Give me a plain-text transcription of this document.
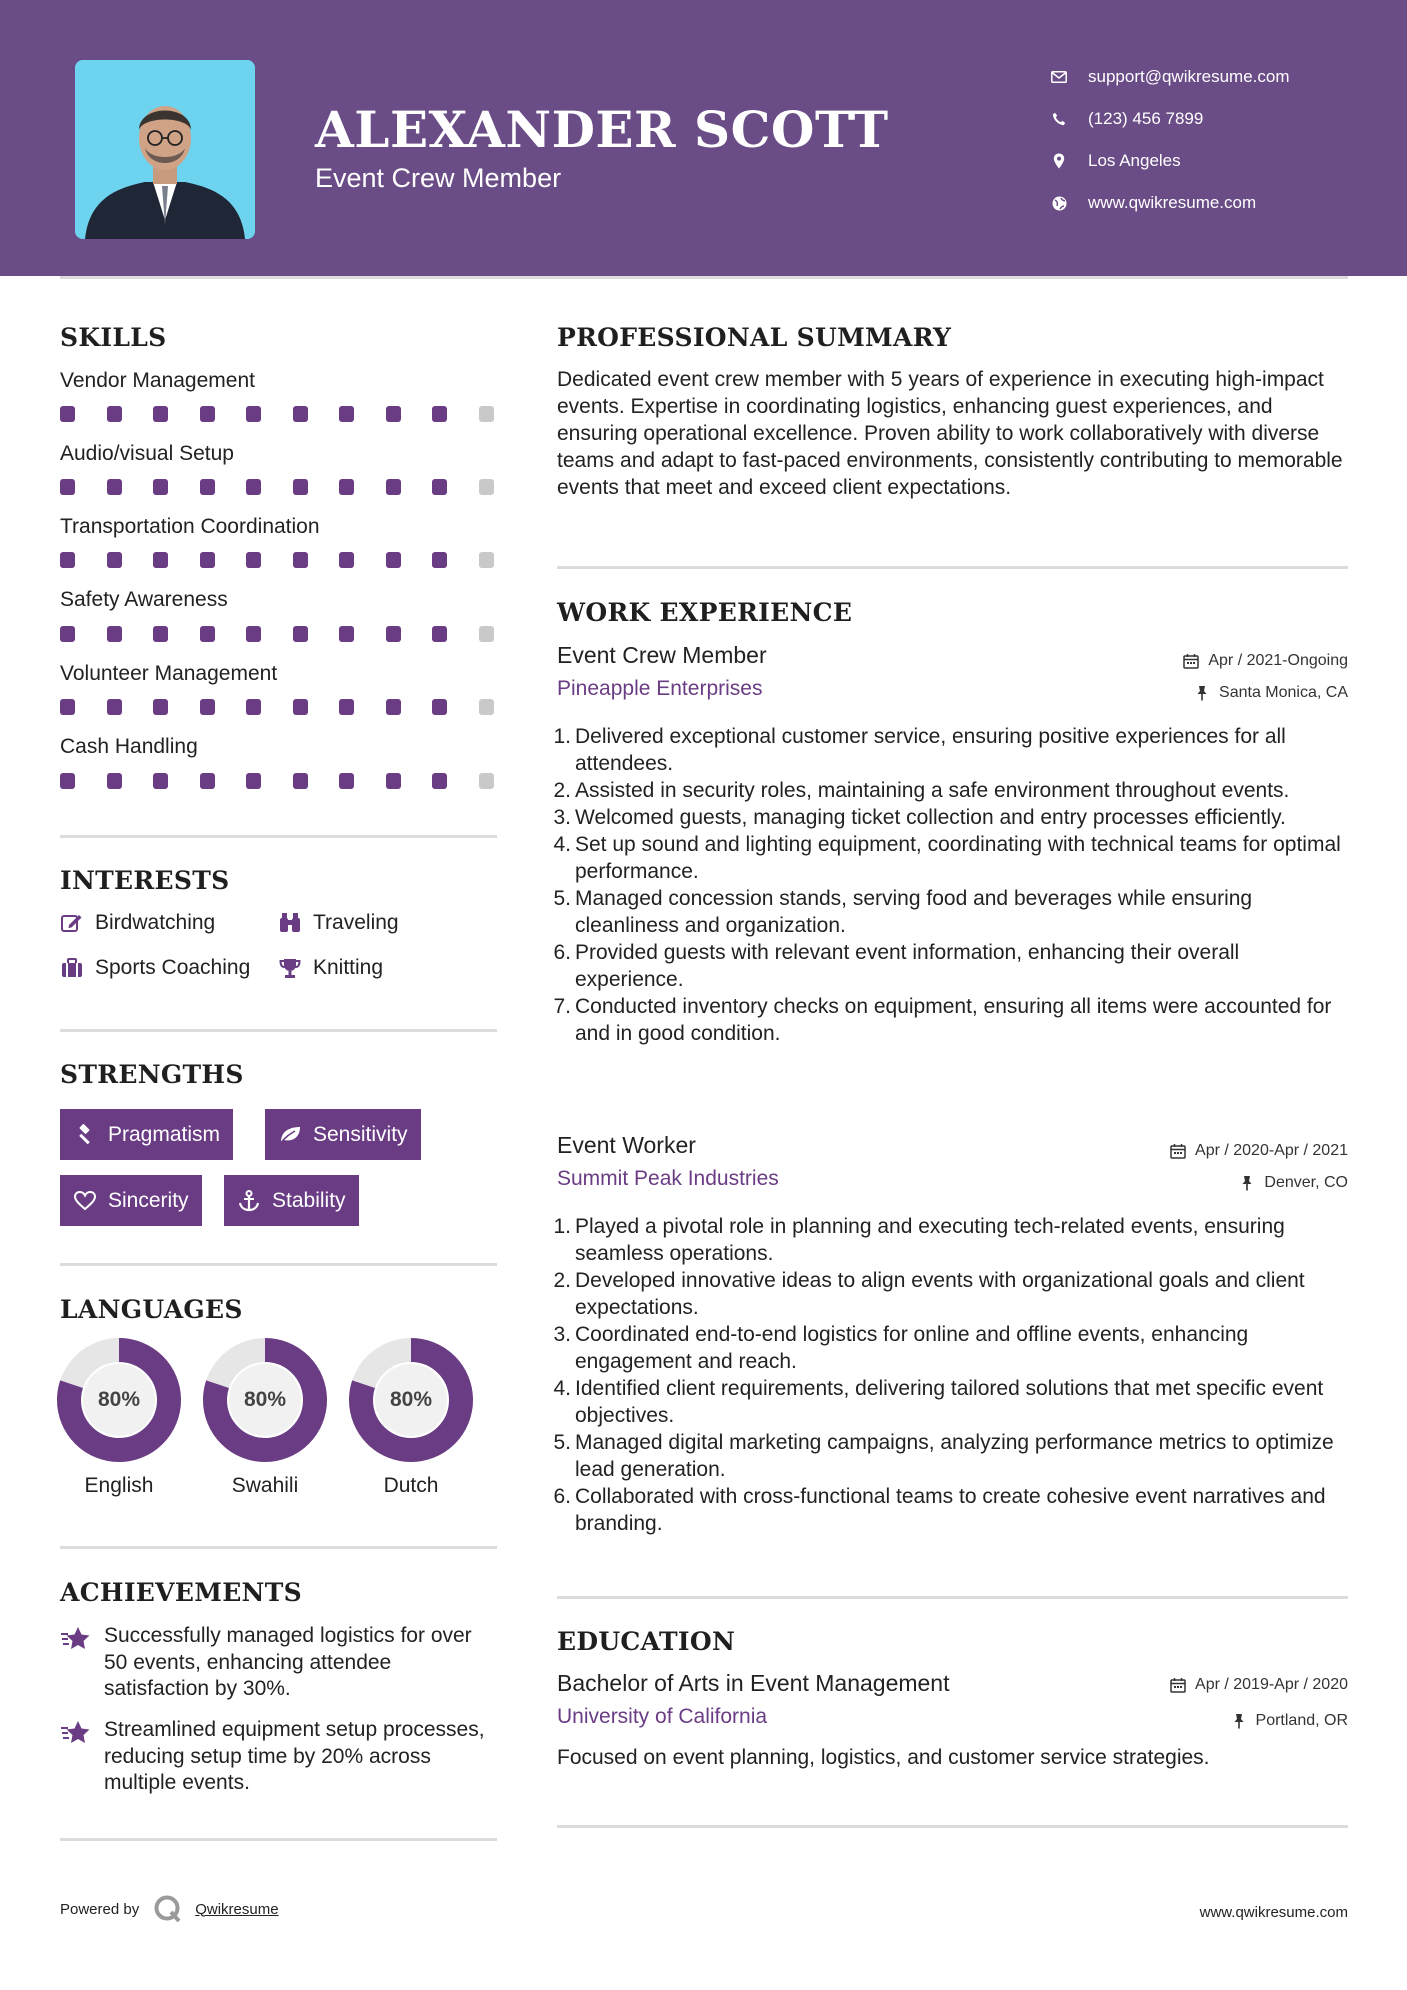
ALEXANDER SCOTT
Event Crew Member
support@qwikresume.com
(123) 456 7899
Los Angeles
www.qwikresume.com
SKILLS
Vendor Management
Audio/visual Setup
Transportation Coordination
Safety Awareness
Volunteer Management
Cash Handling
INTERESTS
Birdwatching	Traveling
Sports Coaching	Knitting
STRENGTHS
Pragmatism	Sensitivity
Sincerity	Stability
LANGUAGES
80%
English
80%
Swahili
80%
Dutch
ACHIEVEMENTS
Successfully managed logistics for over 50 events, enhancing attendee satisfaction by 30%.
Streamlined equipment setup processes, reducing setup time by 20% across multiple events.
PROFESSIONAL SUMMARY
Dedicated event crew member with 5 years of experience in executing high-impact events. Expertise in coordinating logistics, enhancing guest experiences, and ensuring operational excellence. Proven ability to work collaboratively with diverse teams and adapt to fast-paced environments, consistently contributing to memorable events that meet and exceed client expectations.
WORK EXPERIENCE
Event Crew Member
Pineapple Enterprises
Apr / 2021-Ongoing
Santa Monica, CA
1. Delivered exceptional customer service, ensuring positive experiences for all attendees.
2. Assisted in security roles, maintaining a safe environment throughout events.
3. Welcomed guests, managing ticket collection and entry processes efficiently.
4. Set up sound and lighting equipment, coordinating with technical teams for optimal performance.
5. Managed concession stands, serving food and beverages while ensuring cleanliness and organization.
6. Provided guests with relevant event information, enhancing their overall experience.
7. Conducted inventory checks on equipment, ensuring all items were accounted for and in good condition.
Event Worker
Summit Peak Industries
Apr / 2020-Apr / 2021
Denver, CO
1. Played a pivotal role in planning and executing tech-related events, ensuring seamless operations.
2. Developed innovative ideas to align events with organizational goals and client expectations.
3. Coordinated end-to-end logistics for online and offline events, enhancing engagement and reach.
4. Identified client requirements, delivering tailored solutions that met specific event objectives.
5. Managed digital marketing campaigns, analyzing performance metrics to optimize lead generation.
6. Collaborated with cross-functional teams to create cohesive event narratives and branding.
EDUCATION
Bachelor of Arts in Event Management
University of California
Apr / 2019-Apr / 2020
Portland, OR
Focused on event planning, logistics, and customer service strategies.
Powered by	Qwikresume	www.qwikresume.com
